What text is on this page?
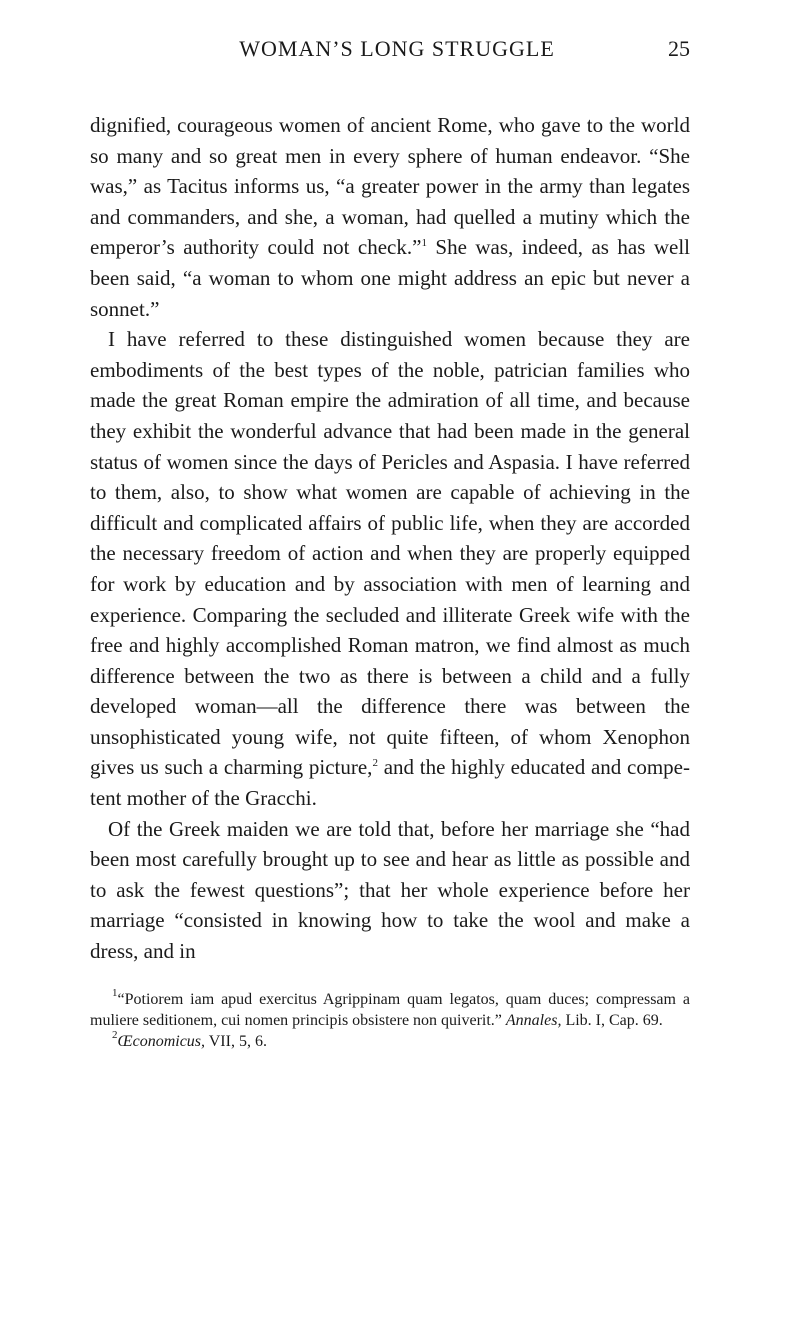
WOMAN’S LONG STRUGGLE	25

dignified, courageous women of ancient Rome, who gave to the world so many and so great men in every sphere of human endeavor. “She was,” as Tacitus informs us, “a greater power in the army than legates and commanders, and she, a woman, had quelled a mutiny which the emperor’s authority could not check.”$^1$ She was, indeed, as has well been said, “a woman to whom one might address an epic but never a sonnet.”

I have referred to these distinguished women because they are embodiments of the best types of the noble, patrician families who made the great Roman empire the admiration of all time, and because they exhibit the wonderful advance that had been made in the general status of women since the days of Pericles and Aspasia. I have referred to them, also, to show what women are capable of achieving in the difficult and complicated affairs of public life, when they are accorded the necessary freedom of action and when they are properly equipped for work by education and by association with men of learning and experience. Comparing the secluded and illiterate Greek wife with the free and highly accomplished Roman matron, we find almost as much difference between the two as there is between a child and a fully developed woman—all the difference there was between the unsophisticated young wife, not quite fifteen, of whom Xenophon gives us such a charming picture,$^2$ and the highly educated and competent mother of the Gracchi.

Of the Greek maiden we are told that, before her marriage she “had been most carefully brought up to see and hear as little as possible and to ask the fewest questions”; that her whole experience before her marriage “consisted in knowing how to take the wool and make a dress, and in

$^1$“Potiorem iam apud exercitus Agrippinam quam legatos, quam duces; compressam a muliere seditionem, cui nomen principis obsistere non quiverit.” Annales, Lib. I, Cap. 69.

$^2$Œconomicus, VII, 5, 6.
